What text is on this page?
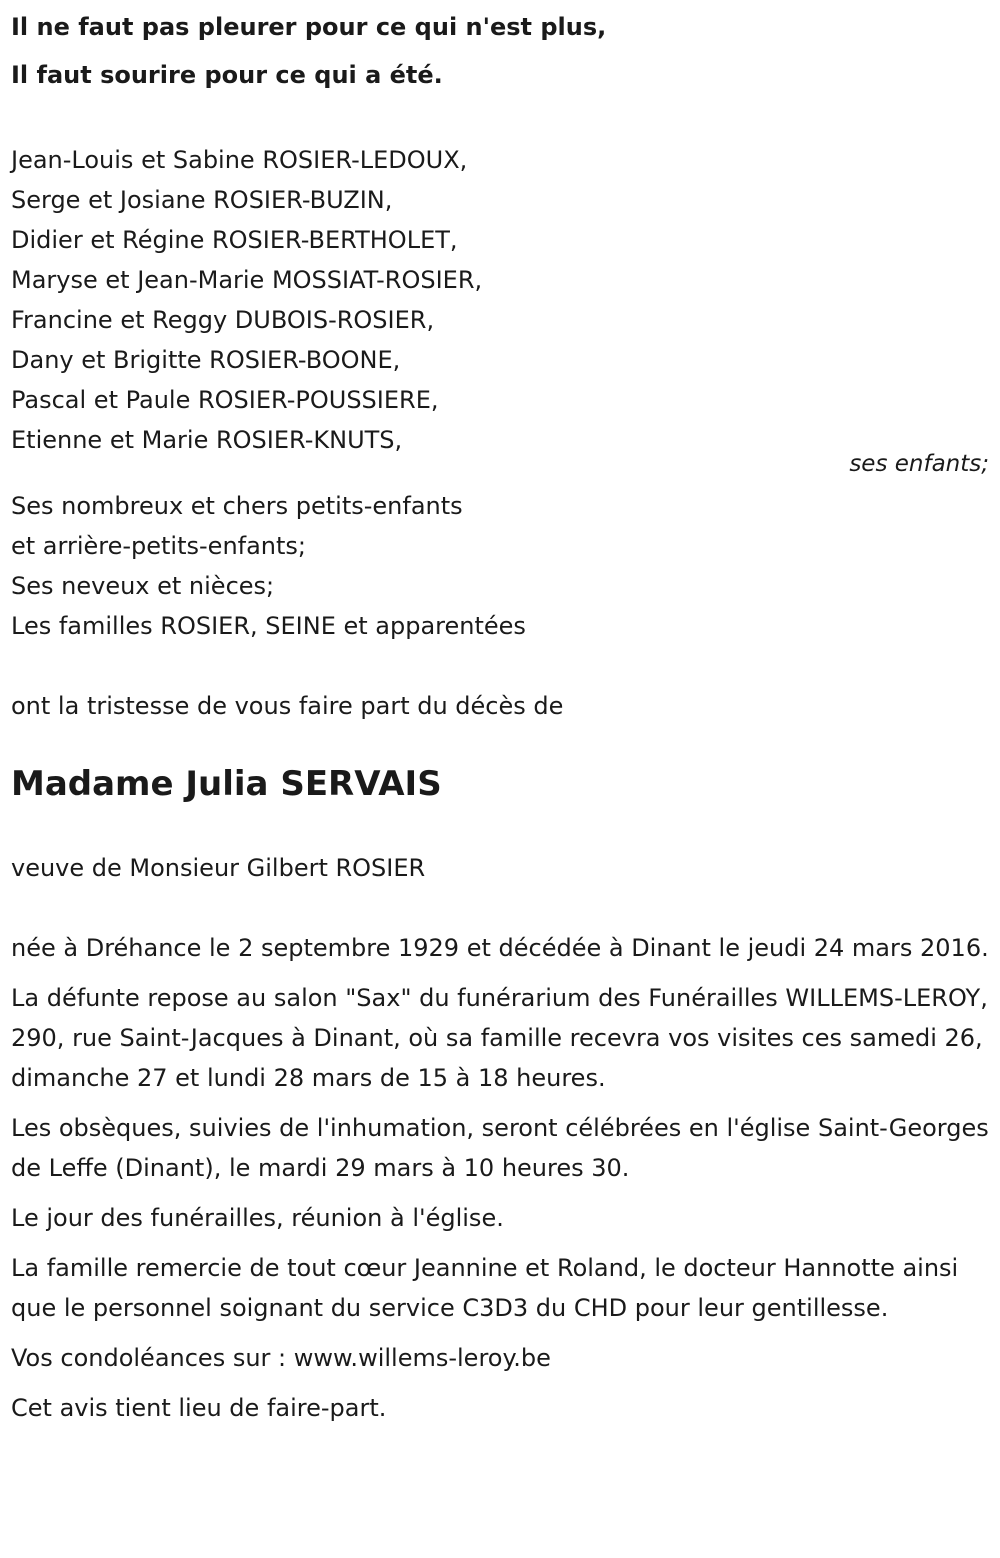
Il ne faut pas pleurer pour ce qui n'est plus,
Il faut sourire pour ce qui a été.
Jean-Louis et Sabine ROSIER-LEDOUX,
Serge et Josiane ROSIER-BUZIN,
Didier et Régine ROSIER-BERTHOLET,
Maryse et Jean-Marie MOSSIAT-ROSIER,
Francine et Reggy DUBOIS-ROSIER,
Dany et Brigitte ROSIER-BOONE,
Pascal et Paule ROSIER-POUSSIERE,
Etienne et Marie ROSIER-KNUTS,
ses enfants;
Ses nombreux et chers petits-enfants
et arrière-petits-enfants;
Ses neveux et nièces;
Les familles ROSIER, SEINE et apparentées
ont la tristesse de vous faire part du décès de
Madame Julia SERVAIS
veuve de Monsieur Gilbert ROSIER

née à Dréhance le 2 septembre 1929 et décédée à Dinant le jeudi 24 mars 2016.

La défunte repose au salon "Sax" du funérarium des Funérailles WILLEMS-LEROY, 290, rue Saint-Jacques à Dinant, où sa famille recevra vos visites ces samedi 26, dimanche 27 et lundi 28 mars de 15 à 18 heures.

Les obsèques, suivies de l'inhumation, seront célébrées en l'église Saint-Georges de Leffe (Dinant), le mardi 29 mars à 10 heures 30.

Le jour des funérailles, réunion à l'église.

La famille remercie de tout cœur Jeannine et Roland, le docteur Hannotte ainsi que le personnel soignant du service C3D3 du CHD pour leur gentillesse.

Vos condoléances sur : www.willems-leroy.be

Cet avis tient lieu de faire-part.
